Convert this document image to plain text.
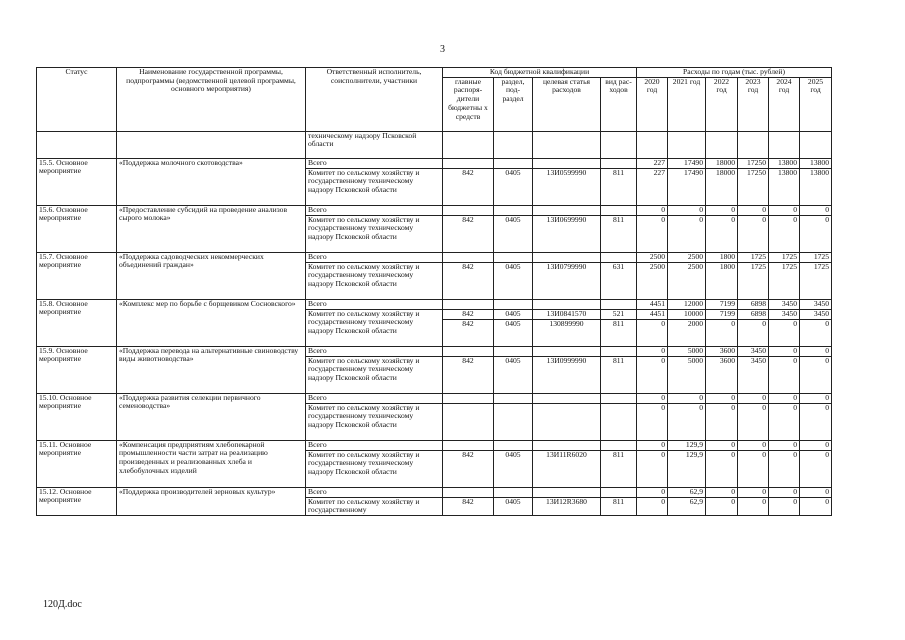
3
Статус	Наименование государственной программы, подпрограммы (ведомственной целевой программы, основного мероприятия)	Ответственный исполнитель, соисполнители, участники	Код бюджетной квалификации				Расходы по годам (тыс. рублей)					
			главные распоря-дители бюджетны х средств	раздел, под-раздел	целевая статья расходов	вид рас-ходов	2020 год	2021 год	2022 год	2023 год	2024 год	2025 год
		техническому надзору Псковской области										
15.5. Основное мероприятие	«Поддержка молочного скотоводства»	Всего					227	17490	18000	17250	13800	13800
		Комитет по сельскому хозяйству и государственному техническому надзору Псковской области	842	0405	13И0599990	811	227	17490	18000	17250	13800	13800
15.6. Основное мероприятие	«Предоставление субсидий на проведение анализов сырого молока»	Всего					0	0	0	0	0	0
		Комитет по сельскому хозяйству и государственному техническому надзору Псковской области	842	0405	13И0699990	811	0	0	0	0	0	0
15.7. Основное мероприятие	«Поддержка садоводческих некоммерческих объединений граждан»	Всего					2500	2500	1800	1725	1725	1725
		Комитет по сельскому хозяйству и государственному техническому надзору Псковской области	842	0405	13И0799990	631	2500	2500	1800	1725	1725	1725
15.8. Основное мероприятие	«Комплекс мер по борьбе с борщевиком Сосновского»	Всего					4451	12000	7199	6898	3450	3450
		Комитет по сельскому хозяйству и государственному техническому надзору Псковской области	842	0405	13И0841570	521	4451	10000	7199	6898	3450	3450
			842	0405	130899990	811	0	2000	0	0	0	0
15.9. Основное мероприятие	«Поддержка перевода на альтернативные свиноводству виды животноводства»	Всего					0	5000	3600	3450	0	0
		Комитет по сельскому хозяйству и государственному техническому надзору Псковской области	842	0405	13И0999990	811	0	5000	3600	3450	0	0
15.10. Основное мероприятие	«Поддержка развития селекции первичного семеноводства»	Всего					0	0	0	0	0	0
		Комитет по сельскому хозяйству и государственному техническому надзору Псковской области					0	0	0	0	0	0
15.11. Основное мероприятие	«Компенсация предприятиям хлебопекарной промышленности части затрат на реализацию произведенных и реализованных хлеба и хлебобулочных изделий	Всего					0	129,9	0	0	0	0
		Комитет по сельскому хозяйству и государственному техническому надзору Псковской области	842	0405	13И11R6020	811	0	129,9	0	0	0	0
15.12. Основное мероприятие	«Поддержка производителей зерновых культур»	Всего					0	62,9	0	0	0	0
		Комитет по сельскому хозяйству и государственному	842	0405	13И12R3680	811	0	62,9	0	0	0	0
120Д.doc
